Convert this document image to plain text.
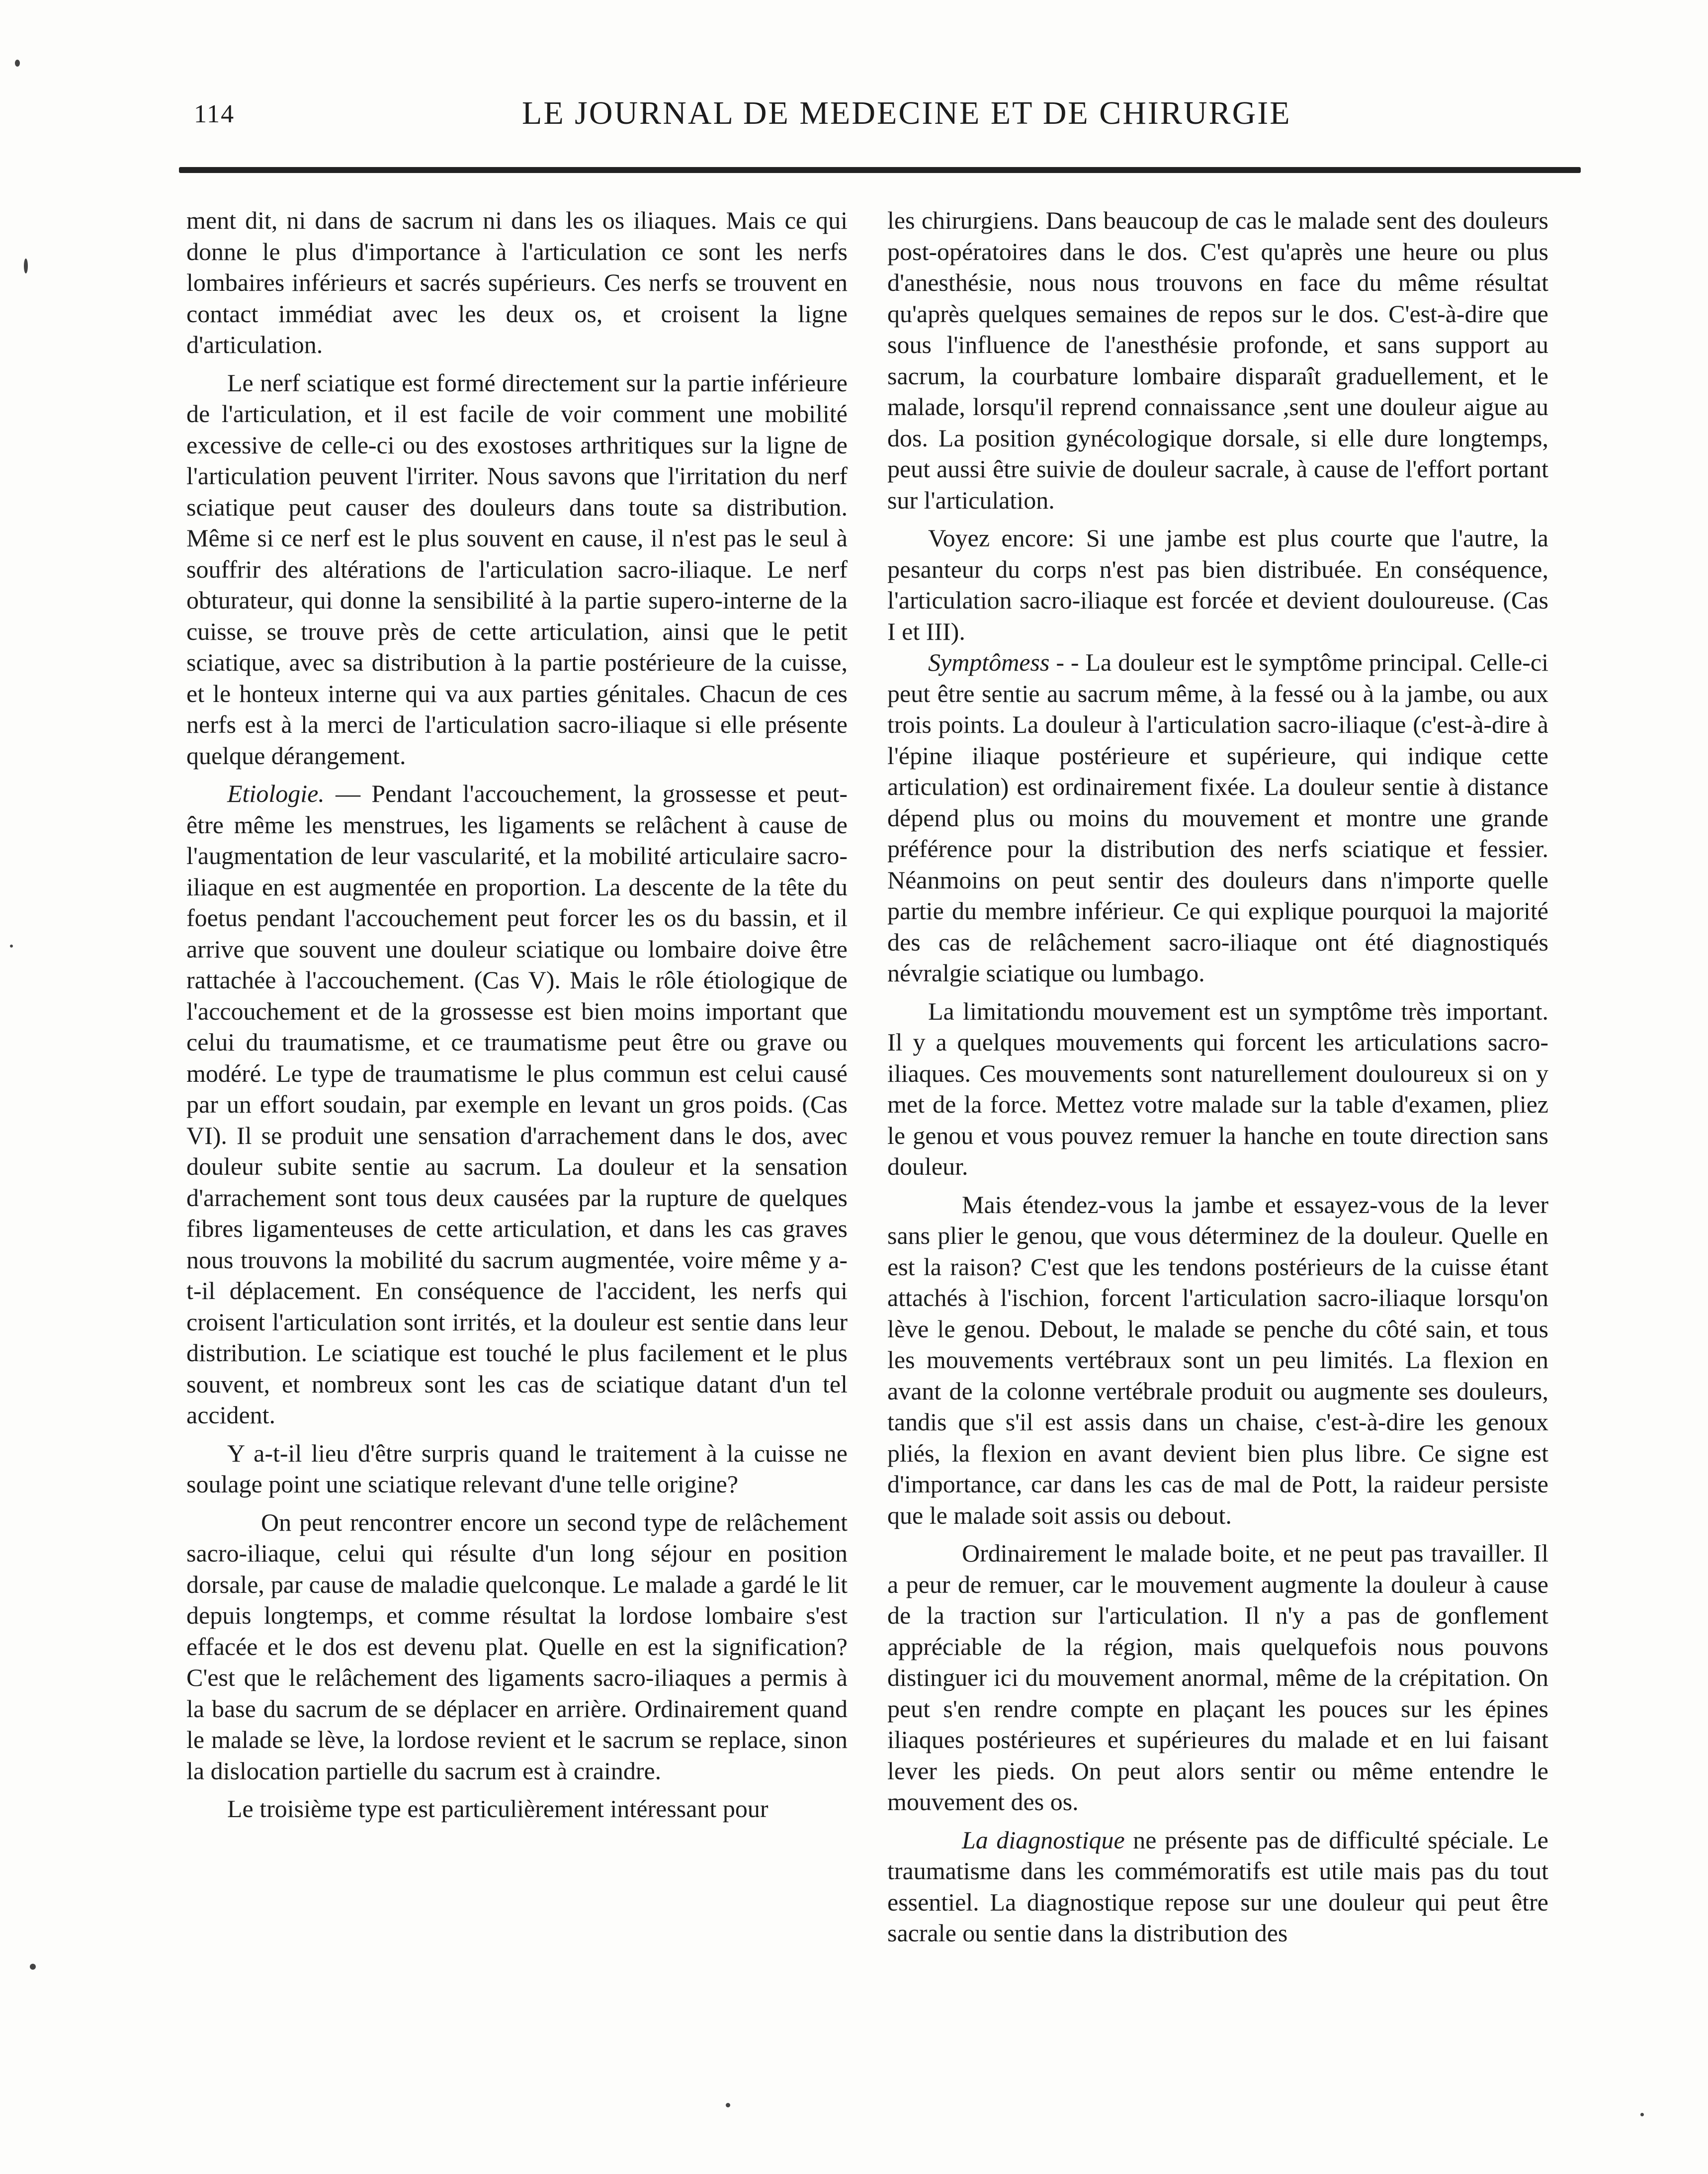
114	LE JOURNAL DE MEDECINE ET DE CHIRURGIE

ment dit, ni dans de sacrum ni dans les os iliaques. Mais ce qui donne le plus d'importance à l'articulation ce sont les nerfs lombaires inférieurs et sacrés supérieurs. Ces nerfs se trouvent en contact immédiat avec les deux os, et croisent la ligne d'articulation.

Le nerf sciatique est formé directement sur la partie inférieure de l'articulation, et il est facile de voir comment une mobilité excessive de celle-ci ou des exostoses arthritiques sur la ligne de l'articulation peuvent l'irriter. Nous savons que l'irritation du nerf sciatique peut causer des douleurs dans toute sa distribution. Même si ce nerf est le plus souvent en cause, il n'est pas le seul à souffrir des altérations de l'articulation sacro-iliaque. Le nerf obturateur, qui donne la sensibilité à la partie supero-interne de la cuisse, se trouve près de cette articulation, ainsi que le petit sciatique, avec sa distribution à la partie postérieure de la cuisse, et le honteux interne qui va aux parties génitales. Chacun de ces nerfs est à la merci de l'articulation sacro-iliaque si elle présente quelque dérangement.

Etiologie. — Pendant l'accouchement, la grossesse et peut-être même les menstrues, les ligaments se relâchent à cause de l'augmentation de leur vascularité, et la mobilité articulaire sacro-iliaque en est augmentée en proportion. La descente de la tête du foetus pendant l'accouchement peut forcer les os du bassin, et il arrive que souvent une douleur sciatique ou lombaire doive être rattachée à l'accouchement. (Cas V). Mais le rôle étiologique de l'accouchement et de la grossesse est bien moins important que celui du traumatisme, et ce traumatisme peut être ou grave ou modéré. Le type de traumatisme le plus commun est celui causé par un effort soudain, par exemple en levant un gros poids. (Cas VI). Il se produit une sensation d'arrachement dans le dos, avec douleur subite sentie au sacrum. La douleur et la sensation d'arrachement sont tous deux causées par la rupture de quelques fibres ligamenteuses de cette articulation, et dans les cas graves nous trouvons la mobilité du sacrum augmentée, voire même y a-t-il déplacement. En conséquence de l'accident, les nerfs qui croisent l'articulation sont irrités, et la douleur est sentie dans leur distribution. Le sciatique est touché le plus facilement et le plus souvent, et nombreux sont les cas de sciatique datant d'un tel accident.

Y a-t-il lieu d'être surpris quand le traitement à la cuisse ne soulage point une sciatique relevant d'une telle origine?

On peut rencontrer encore un second type de relâchement sacro-iliaque, celui qui résulte d'un long séjour en position dorsale, par cause de maladie quelconque. Le malade a gardé le lit depuis longtemps, et comme résultat la lordose lombaire s'est effacée et le dos est devenu plat. Quelle en est la signification? C'est que le relâchement des ligaments sacro-iliaques a permis à la base du sacrum de se déplacer en arrière. Ordinairement quand le malade se lève, la lordose revient et le sacrum se replace, sinon la dislocation partielle du sacrum est à craindre.

Le troisième type est particulièrement intéressant pour

les chirurgiens. Dans beaucoup de cas le malade sent des douleurs post-opératoires dans le dos. C'est qu'après une heure ou plus d'anesthésie, nous nous trouvons en face du même résultat qu'après quelques semaines de repos sur le dos. C'est-à-dire que sous l'influence de l'anesthésie profonde, et sans support au sacrum, la courbature lombaire disparaît graduellement, et le malade, lorsqu'il reprend connaissance ,sent une douleur aigue au dos. La position gynécologique dorsale, si elle dure longtemps, peut aussi être suivie de douleur sacrale, à cause de l'effort portant sur l'articulation.

Voyez encore: Si une jambe est plus courte que l'autre, la pesanteur du corps n'est pas bien distribuée. En conséquence, l'articulation sacro-iliaque est forcée et devient douloureuse. (Cas I et III).

Symptômess - - La douleur est le symptôme principal. Celle-ci peut être sentie au sacrum même, à la fessé ou à la jambe, ou aux trois points. La douleur à l'articulation sacro-iliaque (c'est-à-dire à l'épine iliaque postérieure et supérieure, qui indique cette articulation) est ordinairement fixée. La douleur sentie à distance dépend plus ou moins du mouvement et montre une grande préférence pour la distribution des nerfs sciatique et fessier. Néanmoins on peut sentir des douleurs dans n'importe quelle partie du membre inférieur. Ce qui explique pourquoi la majorité des cas de relâchement sacro-iliaque ont été diagnostiqués névralgie sciatique ou lumbago.

La limitationdu mouvement est un symptôme très important. Il y a quelques mouvements qui forcent les articulations sacro-iliaques. Ces mouvements sont naturellement douloureux si on y met de la force. Mettez votre malade sur la table d'examen, pliez le genou et vous pouvez remuer la hanche en toute direction sans douleur.

Mais étendez-vous la jambe et essayez-vous de la lever sans plier le genou, que vous déterminez de la douleur. Quelle en est la raison? C'est que les tendons postérieurs de la cuisse étant attachés à l'ischion, forcent l'articulation sacro-iliaque lorsqu'on lève le genou. Debout, le malade se penche du côté sain, et tous les mouvements vertébraux sont un peu limités. La flexion en avant de la colonne vertébrale produit ou augmente ses douleurs, tandis que s'il est assis dans un chaise, c'est-à-dire les genoux pliés, la flexion en avant devient bien plus libre. Ce signe est d'importance, car dans les cas de mal de Pott, la raideur persiste que le malade soit assis ou debout.

Ordinairement le malade boite, et ne peut pas travailler. Il a peur de remuer, car le mouvement augmente la douleur à cause de la traction sur l'articulation. Il n'y a pas de gonflement appréciable de la région, mais quelquefois nous pouvons distinguer ici du mouvement anormal, même de la crépitation. On peut s'en rendre compte en plaçant les pouces sur les épines iliaques postérieures et supérieures du malade et en lui faisant lever les pieds. On peut alors sentir ou même entendre le mouvement des os.

La diagnostique ne présente pas de difficulté spéciale. Le traumatisme dans les commémoratifs est utile mais pas du tout essentiel. La diagnostique repose sur une douleur qui peut être sacrale ou sentie dans la distribution des
